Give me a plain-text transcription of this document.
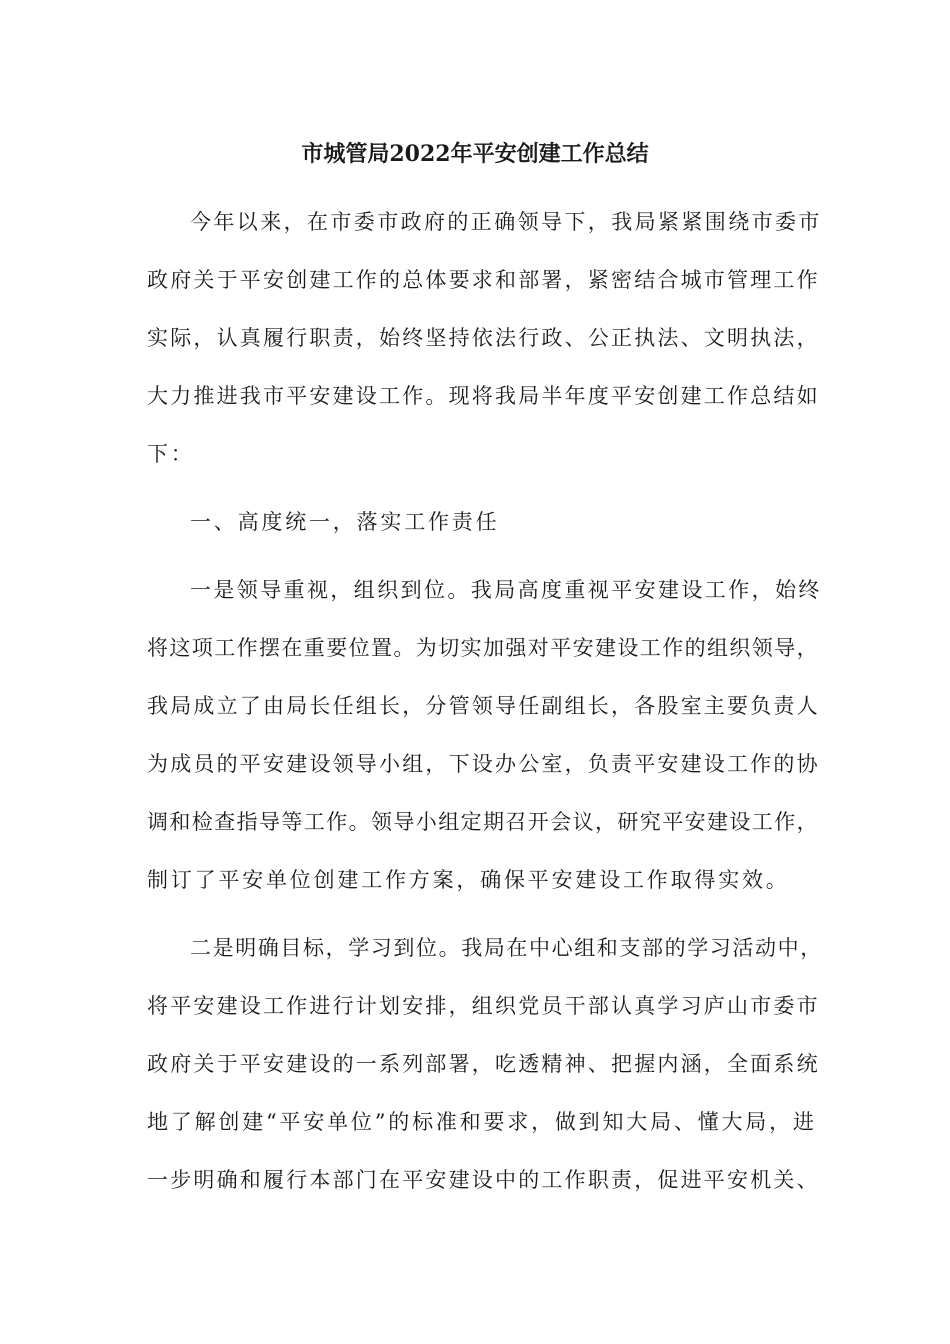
市城管局2022年平安创建工作总结
今年以来，在市委市政府的正确领导下，我局紧紧围绕市委市
政府关于平安创建工作的总体要求和部署，紧密结合城市管理工作
实际，认真履行职责，始终坚持依法行政、公正执法、文明执法，
大力推进我市平安建设工作。现将我局半年度平安创建工作总结如
下：
一、高度统一，落实工作责任
一是领导重视，组织到位。我局高度重视平安建设工作，始终
将这项工作摆在重要位置。为切实加强对平安建设工作的组织领导，
我局成立了由局长任组长，分管领导任副组长，各股室主要负责人
为成员的平安建设领导小组，下设办公室，负责平安建设工作的协
调和检查指导等工作。领导小组定期召开会议，研究平安建设工作，
制订了平安单位创建工作方案，确保平安建设工作取得实效。
二是明确目标，学习到位。我局在中心组和支部的学习活动中，
将平安建设工作进行计划安排，组织党员干部认真学习庐山市委市
政府关于平安建设的一系列部署，吃透精神、把握内涵，全面系统
地了解创建“平安单位”的标准和要求，做到知大局、懂大局，进
一步明确和履行本部门在平安建设中的工作职责，促进平安机关、
